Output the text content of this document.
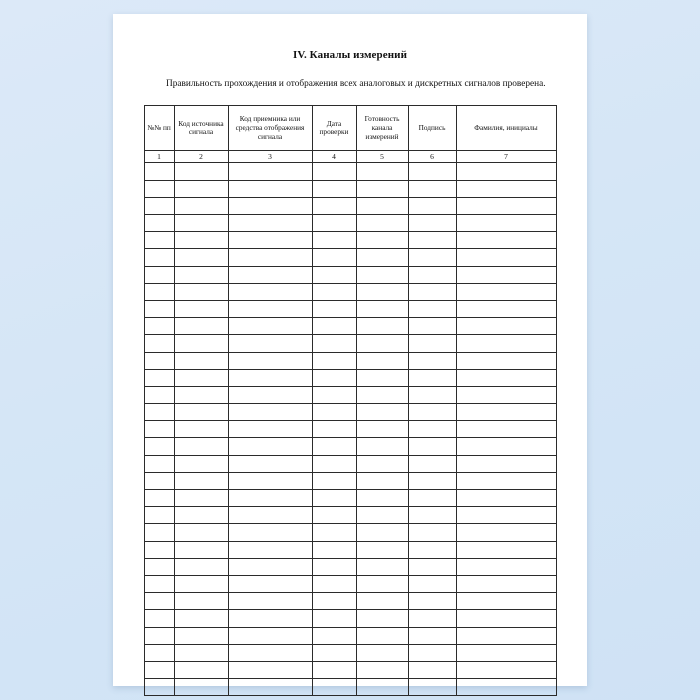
IV. Каналы измерений

Правильность прохождения и отображения всех аналоговых и дискретных сигналов проверена.

№№ пп	Код источника сигнала	Код приемника или средства отображения сигнала	Дата проверки	Готовность канала измерений	Подпись	Фамилия, инициалы
1	2	3	4	5	6	7
